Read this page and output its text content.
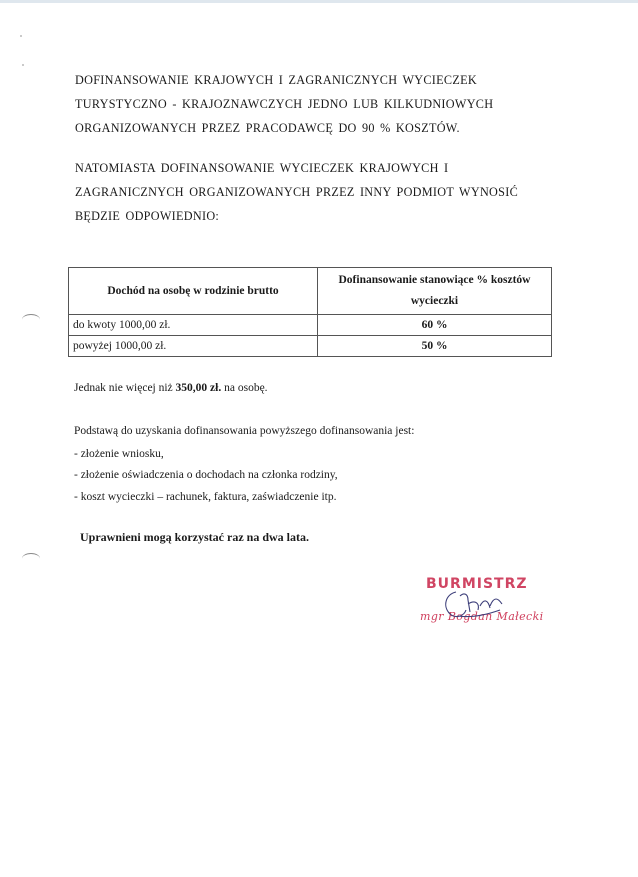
DOFINANSOWANIE KRAJOWYCH I ZAGRANICZNYCH WYCIECZEK
TURYSTYCZNO - KRAJOZNAWCZYCH JEDNO LUB KILKUDNIOWYCH
ORGANIZOWANYCH PRZEZ PRACODAWCĘ DO 90 % KOSZTÓW.
NATOMIASTA DOFINANSOWANIE WYCIECZEK KRAJOWYCH I
ZAGRANICZNYCH ORGANIZOWANYCH PRZEZ INNY PODMIOT WYNOSIĆ
BĘDZIE ODPOWIEDNIO:
Dochód na osobę w rodzinie brutto	Dofinansowanie stanowiące % kosztów wycieczki
do kwoty 1000,00 zł.	60 %
powyżej 1000,00 zł.	50 %
Jednak nie więcej niż 350,00 zł. na osobę.
Podstawą do uzyskania dofinansowania powyższego dofinansowania jest:
- złożenie wniosku,
- złożenie oświadczenia o dochodach na członka rodziny,
- koszt wycieczki – rachunek, faktura, zaświadczenie itp.
Uprawnieni mogą korzystać raz na dwa lata.
BURMISTRZ
mgr Bogdan Małecki
